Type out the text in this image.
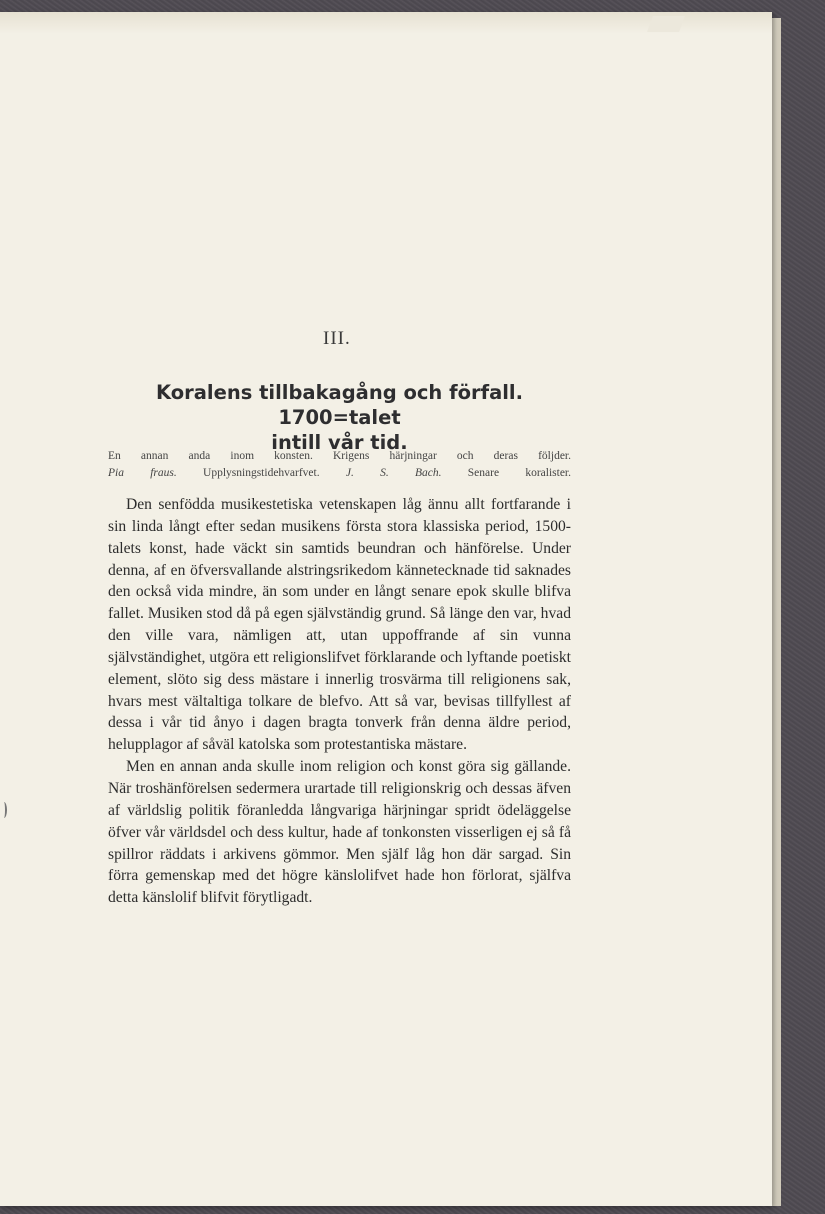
III.
Koralens tillbakagång och förfall. 1700=talet
intill vår tid.
En annan anda inom konsten. Krigens härjningar och deras följder.
Pia fraus. Upplysningstidehvarfvet. J. S. Bach. Senare koralister.

Den senfödda musikestetiska vetenskapen låg ännu allt fortfarande i sin linda långt efter sedan musikens första stora klassiska period, 1500-talets konst, hade väckt sin samtids beundran och hänförelse. Under denna, af en öfversvallande alstringsrikedom kännetecknade tid saknades den också vida mindre, än som under en långt senare epok skulle blifva fallet. Musiken stod då på egen självständig grund. Så länge den var, hvad den ville vara, nämligen att, utan uppoffrande af sin vunna självständighet, utgöra ett religionslifvet förklarande och lyftande poetiskt element, slöto sig dess mästare i innerlig trosvärma till religionens sak, hvars mest vältaltiga tolkare de blefvo. Att så var, bevisas tillfyllest af dessa i vår tid ånyo i dagen bragta tonverk från denna äldre period, helupplagor af såväl katolska som protestantiska mästare.

Men en annan anda skulle inom religion och konst göra sig gällande. När troshänförelsen sedermera urartade till religionskrig och dessas äfven af världslig politik föranledda långvariga härjningar spridt ödeläggelse öfver vår världsdel och dess kultur, hade af tonkonsten visserligen ej så få spillror räddats i arkivens gömmor. Men själf låg hon där sargad. Sin förra gemenskap med det högre känslolifvet hade hon förlorat, själfva detta känslolif blifvit förytligadt.
